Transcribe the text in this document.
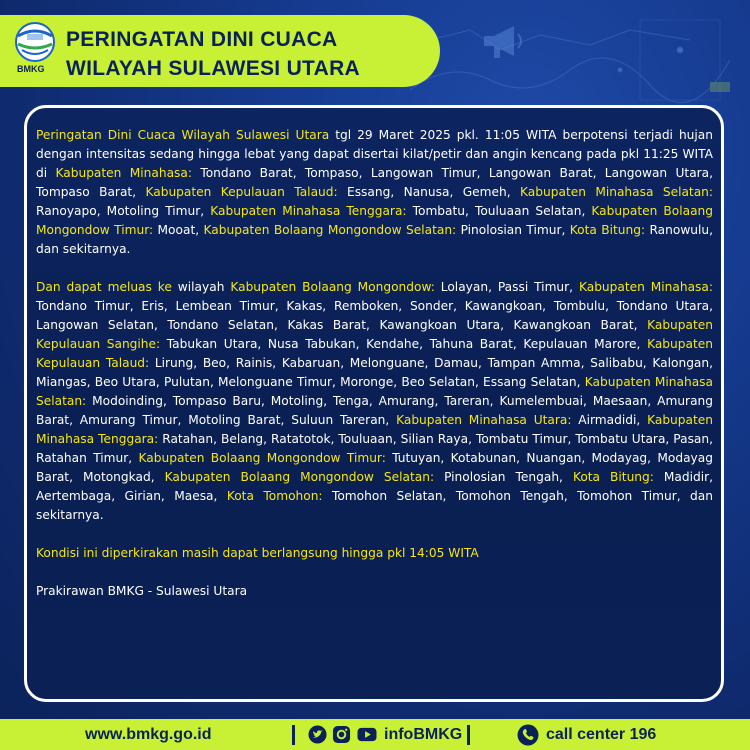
BMKG
PERINGATAN DINI CUACA
WILAYAH SULAWESI UTARA

Peringatan Dini Cuaca Wilayah Sulawesi Utara tgl 29 Maret 2025 pkl. 11:05 WITA berpotensi terjadi hujan dengan intensitas sedang hingga lebat yang dapat disertai kilat/petir dan angin kencang pada pkl 11:25 WITA di Kabupaten Minahasa: Tondano Barat, Tompaso, Langowan Timur, Langowan Barat, Langowan Utara, Tompaso Barat, Kabupaten Kepulauan Talaud: Essang, Nanusa, Gemeh, Kabupaten Minahasa Selatan: Ranoyapo, Motoling Timur, Kabupaten Minahasa Tenggara: Tombatu, Touluaan Selatan, Kabupaten Bolaang Mongondow Timur: Mooat, Kabupaten Bolaang Mongondow Selatan: Pinolosian Timur, Kota Bitung: Ranowulu, dan sekitarnya.

Dan dapat meluas ke wilayah Kabupaten Bolaang Mongondow: Lolayan, Passi Timur, Kabupaten Minahasa: Tondano Timur, Eris, Lembean Timur, Kakas, Remboken, Sonder, Kawangkoan, Tombulu, Tondano Utara, Langowan Selatan, Tondano Selatan, Kakas Barat, Kawangkoan Utara, Kawangkoan Barat, Kabupaten Kepulauan Sangihe: Tabukan Utara, Nusa Tabukan, Kendahe, Tahuna Barat, Kepulauan Marore, Kabupaten Kepulauan Talaud: Lirung, Beo, Rainis, Kabaruan, Melonguane, Damau, Tampan Amma, Salibabu, Kalongan, Miangas, Beo Utara, Pulutan, Melonguane Timur, Moronge, Beo Selatan, Essang Selatan, Kabupaten Minahasa Selatan: Modoinding, Tompaso Baru, Motoling, Tenga, Amurang, Tareran, Kumelembuai, Maesaan, Amurang Barat, Amurang Timur, Motoling Barat, Suluun Tareran, Kabupaten Minahasa Utara: Airmadidi, Kabupaten Minahasa Tenggara: Ratahan, Belang, Ratatotok, Touluaan, Silian Raya, Tombatu Timur, Tombatu Utara, Pasan, Ratahan Timur, Kabupaten Bolaang Mongondow Timur: Tutuyan, Kotabunan, Nuangan, Modayag, Modayag Barat, Motongkad, Kabupaten Bolaang Mongondow Selatan: Pinolosian Tengah, Kota Bitung: Madidir, Aertembaga, Girian, Maesa, Kota Tomohon: Tomohon Selatan, Tomohon Tengah, Tomohon Timur, dan sekitarnya.

Kondisi ini diperkirakan masih dapat berlangsung hingga pkl 14:05 WITA

Prakirawan BMKG - Sulawesi Utara

www.bmkg.go.id	infoBMKG	call center 196
